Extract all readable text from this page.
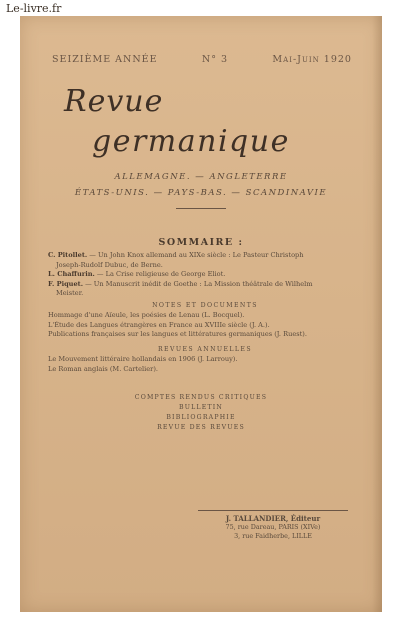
Le-livre.fr
SEIZIÈME ANNÉE	N° 3	Mai-Juin 1920
Revue
germanique
ALLEMAGNE. — ANGLETERRE
ÉTATS-UNIS. — PAYS-BAS. — SCANDINAVIE
SOMMAIRE :
C. Pitollet. — Un John Knox allemand au XIXe siècle : Le Pasteur Christoph
Joseph-Rudolf Dubuc, de Berne.
L. Chaffurin. — La Crise religieuse de George Eliot.
F. Piquet. — Un Manuscrit inédit de Goethe : La Mission théâtrale de Wilhelm
Meister.
NOTES ET DOCUMENTS
Hommage d'une Aïeule, les poésies de Lenau (L. Bocquel).
L'Étude des Langues étrangères en France au XVIIIe siècle (J. A.).
Publications françaises sur les langues et littératures germaniques (J. Ruest).
REVUES ANNUELLES
Le Mouvement littéraire hollandais en 1906 (J. Larrouy).
Le Roman anglais (M. Cartelier).
COMPTES RENDUS CRITIQUES
BULLETIN
BIBLIOGRAPHIE
REVUE DES REVUES
J. TALLANDIER, Éditeur
75, rue Dareau, PARIS (XIVe)
3, rue Faidherbe, LILLE
